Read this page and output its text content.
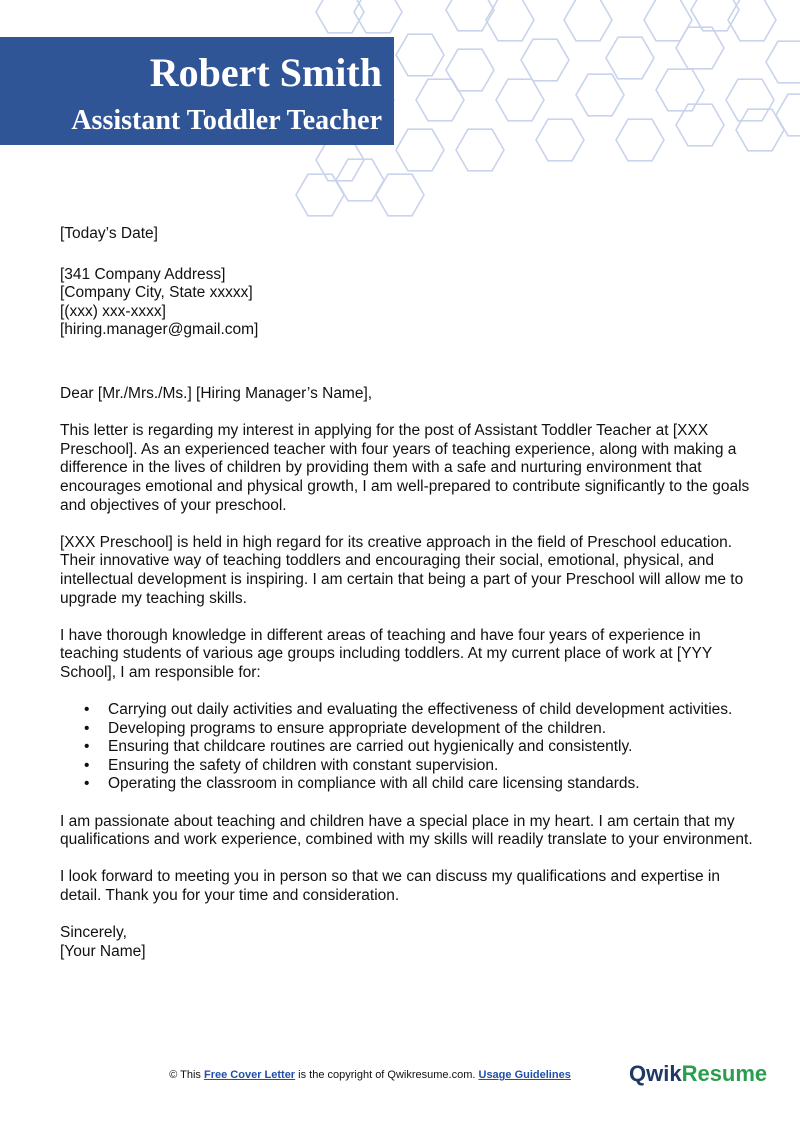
Robert Smith
Assistant Toddler Teacher

[Today’s Date]

[341 Company Address]

[Company City, State xxxxx]

[(xxx) xxx-xxxx]

[hiring.manager@gmail.com]

Dear [Mr./Mrs./Ms.] [Hiring Manager’s Name],

This letter is regarding my interest in applying for the post of Assistant Toddler Teacher at [XXX Preschool]. As an experienced teacher with four years of teaching experience, along with making a difference in the lives of children by providing them with a safe and nurturing environment that encourages emotional and physical growth, I am well-prepared to contribute significantly to the goals and objectives of your preschool.

[XXX Preschool] is held in high regard for its creative approach in the field of Preschool education. Their innovative way of teaching toddlers and encouraging their social, emotional, physical, and intellectual development is inspiring. I am certain that being a part of your Preschool will allow me to upgrade my teaching skills.

I have thorough knowledge in different areas of teaching and have four years of experience in teaching students of various age groups including toddlers. At my current place of work at [YYY School], I am responsible for:

• Carrying out daily activities and evaluating the effectiveness of child development activities.
• Developing programs to ensure appropriate development of the children.
• Ensuring that childcare routines are carried out hygienically and consistently.
• Ensuring the safety of children with constant supervision.
• Operating the classroom in compliance with all child care licensing standards.

I am passionate about teaching and children have a special place in my heart. I am certain that my qualifications and work experience, combined with my skills will readily translate to your environment.

I look forward to meeting you in person so that we can discuss my qualifications and expertise in detail. Thank you for your time and consideration.

Sincerely,

[Your Name]

© This Free Cover Letter is the copyright of Qwikresume.com. Usage Guidelines	QwikResume
